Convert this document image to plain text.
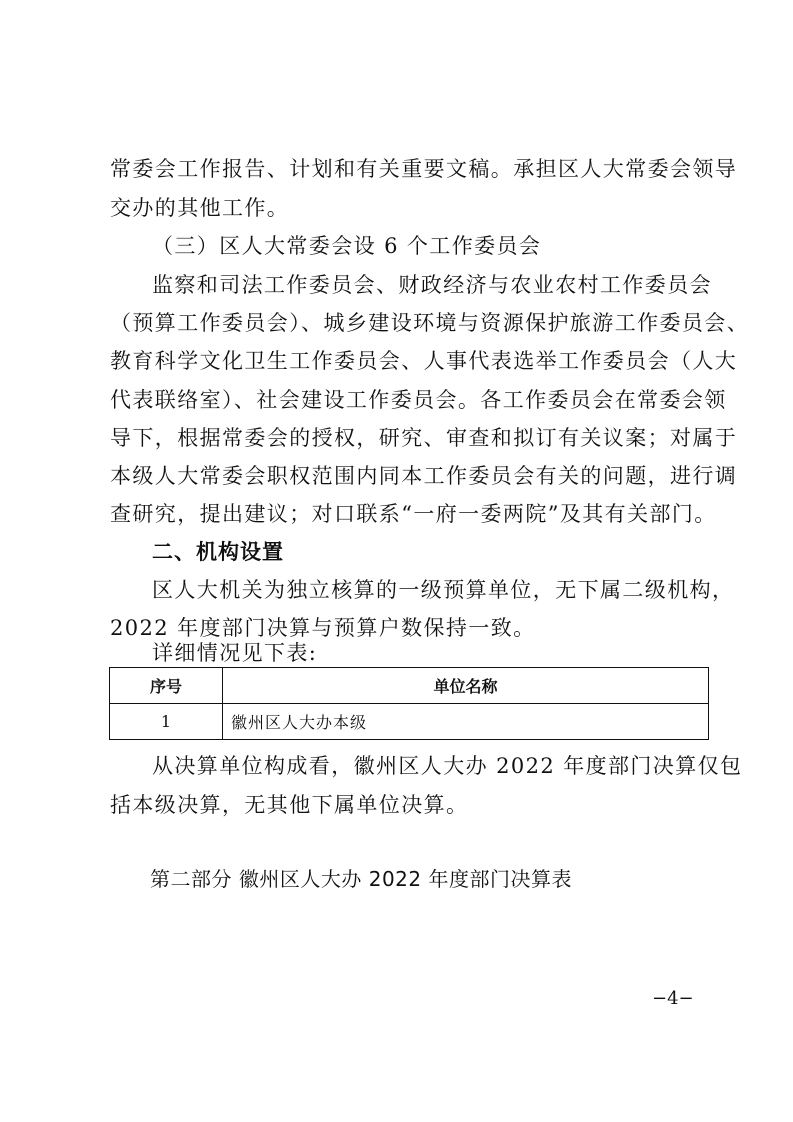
常委会工作报告、计划和有关重要文稿。承担区人大常委会领导
交办的其他工作。
（三）区人大常委会设 6 个工作委员会
监察和司法工作委员会、财政经济与农业农村工作委员会
（预算工作委员会）、城乡建设环境与资源保护旅游工作委员会、
教育科学文化卫生工作委员会、人事代表选举工作委员会（人大
代表联络室）、社会建设工作委员会。各工作委员会在常委会领
导下，根据常委会的授权，研究、审查和拟订有关议案；对属于
本级人大常委会职权范围内同本工作委员会有关的问题，进行调
查研究，提出建议；对口联系“一府一委两院”及其有关部门。
二、机构设置
区人大机关为独立核算的一级预算单位，无下属二级机构，
2022 年度部门决算与预算户数保持一致。
详细情况见下表:
序号	单位名称
1	徽州区人大办本级
从决算单位构成看，徽州区人大办 2022 年度部门决算仅包
括本级决算，无其他下属单位决算。
第二部分 徽州区人大办 2022 年度部门决算表
−4−
